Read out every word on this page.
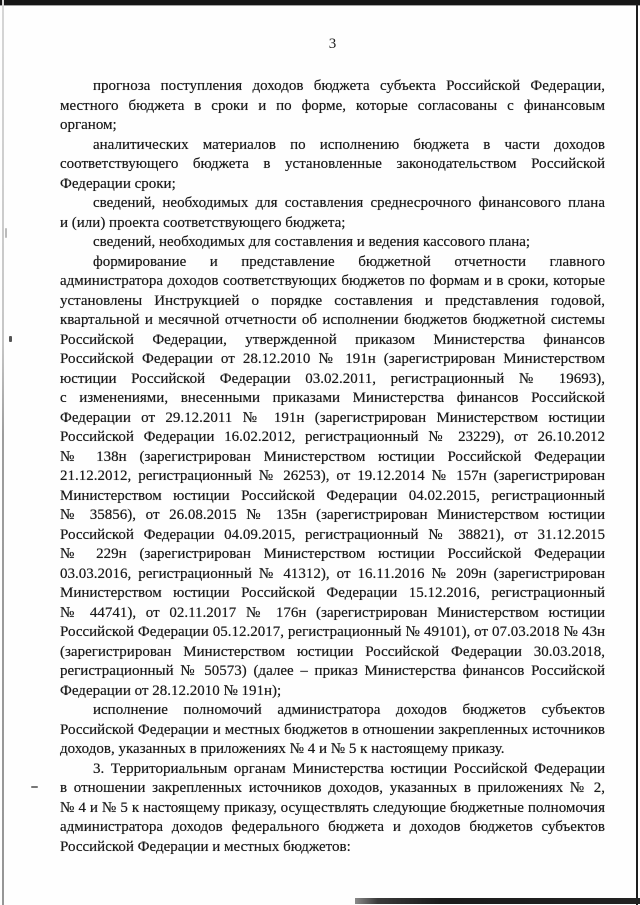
3
прогноза поступления доходов бюджета субъекта Российской Федерации,
местного бюджета в сроки и по форме, которые согласованы с финансовым
органом;
аналитических материалов по исполнению бюджета в части доходов
соответствующего бюджета в установленные законодательством Российской
Федерации сроки;
сведений, необходимых для составления среднесрочного финансового плана
и (или) проекта соответствующего бюджета;
сведений, необходимых для составления и ведения кассового плана;
формирование и представление бюджетной отчетности главного
администратора доходов соответствующих бюджетов по формам и в сроки, которые
установлены Инструкцией о порядке составления и представления годовой,
квартальной и месячной отчетности об исполнении бюджетов бюджетной системы
Российской Федерации, утвержденной приказом Министерства финансов
Российской Федерации от 28.12.2010 № 191н (зарегистрирован Министерством
юстиции Российской Федерации 03.02.2011, регистрационный № 19693),
с изменениями, внесенными приказами Министерства финансов Российской
Федерации от 29.12.2011 № 191н (зарегистрирован Министерством юстиции
Российской Федерации 16.02.2012, регистрационный № 23229), от 26.10.2012
№ 138н (зарегистрирован Министерством юстиции Российской Федерации
21.12.2012, регистрационный № 26253), от 19.12.2014 № 157н (зарегистрирован
Министерством юстиции Российской Федерации 04.02.2015, регистрационный
№ 35856), от 26.08.2015 № 135н (зарегистрирован Министерством юстиции
Российской Федерации 04.09.2015, регистрационный № 38821), от 31.12.2015
№ 229н (зарегистрирован Министерством юстиции Российской Федерации
03.03.2016, регистрационный № 41312), от 16.11.2016 № 209н (зарегистрирован
Министерством юстиции Российской Федерации 15.12.2016, регистрационный
№ 44741), от 02.11.2017 № 176н (зарегистрирован Министерством юстиции
Российской Федерации 05.12.2017, регистрационный № 49101), от 07.03.2018 № 43н
(зарегистрирован Министерством юстиции Российской Федерации 30.03.2018,
регистрационный № 50573) (далее – приказ Министерства финансов Российской
Федерации от 28.12.2010 № 191н);
исполнение полномочий администратора доходов бюджетов субъектов
Российской Федерации и местных бюджетов в отношении закрепленных источников
доходов, указанных в приложениях № 4 и № 5 к настоящему приказу.
3. Территориальным органам Министерства юстиции Российской Федерации
в отношении закрепленных источников доходов, указанных в приложениях № 2,
№ 4 и № 5 к настоящему приказу, осуществлять следующие бюджетные полномочия
администратора доходов федерального бюджета и доходов бюджетов субъектов
Российской Федерации и местных бюджетов:
